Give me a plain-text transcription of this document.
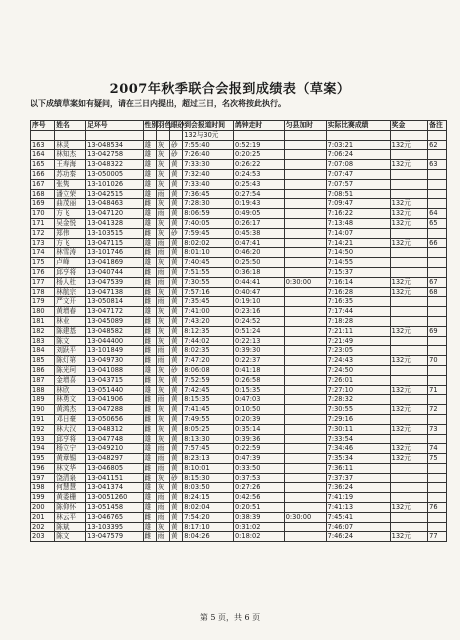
2007年秋季联合会报到成绩表（草案）
以下成绩草案如有疑问，请在三日内提出，超过三日，名次将按此执行。
序号	姓名	足环号	性别	羽色	眼砂	到会报道时间	鸽钟走时	匀县加时	实际比赛成绩	奖金	备注
						132与30元					
163	林灵	13-048534	雄	灰	砂	7:55:40	0:52:19		7:03:21	132元	62
164	林知杰	13-042758	雄	灰	砂	7:26:40	0:20:25		7:06:24		
165	王寿海	13-048322	雄	灰	黄	7:33:30	0:26:22		7:07:08	132元	63
166	苏功秦	13-050005	雄	灰	黄	7:32:40	0:24:53		7:07:47		
167	张隽	13-101026	雄	灰	黄	7:33:40	0:25:43		7:07:57		
168	潘立荣	13-042515	雄	雨	黄	7:36:45	0:27:54		7:08:51		
169	曲茂丽	13-048463	雌	灰	黄	7:28:30	0:19:43		7:09:47	132元	
170	方飞	13-047120	雄	雨	黄	8:06:59	0:49:05		7:16:22	132元	64
171	吴金悦	13-041328	雄	灰	黄	7:40:05	0:26:17		7:13:48	132元	65
172	郑伟	13-103515	雌	灰	砂	7:59:45	0:45:38		7:14:07		
173	方飞	13-047115	雄	雨	黄	8:02:02	0:47:41		7:14:21	132元	66
174	林雪涛	13-101746	雌	雨	黄	8:01:10	0:46:20		7:14:50		
175	卢峰	13-041869	雄	灰	黄	7:40:45	0:25:50		7:14:55		
176	邱亨将	13-040744	雌	雨	黄	7:51:55	0:36:18		7:15:37		
177	杨人杜	13-047539	雌	雨	黄	7:30:55	0:44:41	0:30:00	7:16:14	132元	67
178	林航宗	13-047138	雌	灰	黄	7:57:16	0:40:47		7:16:28	132元	68
179	严文开	13-050814	雌	雨	黄	7:35:45	0:19:10		7:16:35		
180	黄增春	13-047172	雄	灰	黄	7:41:00	0:23:16		7:17:44		
181	林业	13-045089	雌	灰	黄	7:43:20	0:24:52		7:18:28		
182	陈建基	13-048582	雌	灰	黄	8:12:35	0:51:24		7:21:11	132元	69
183	陈文	13-044400	雌	灰	黄	7:44:02	0:22:13		7:21:49		
184	刘跃平	13-101849	雌	雨	黄	8:02:35	0:39:30		7:23:05		
185	陈灯第	13-049730	雌	雨	黄	7:47:20	0:22:37		7:24:43	132元	70
186	陈光珂	13-041088	雄	灰	砂	8:06:08	0:41:18		7:24:50		
187	金增喜	13-043715	雌	灰	黄	7:52:59	0:26:58		7:26:01		
188	林欣	13-051440	雄	灰	黄	7:42:45	0:15:35		7:27:10	132元	71
189	林勇文	13-041906	雌	雨	黄	8:15:35	0:47:03		7:28:32		
190	黄鸿杰	13-047288	雌	灰	黄	7:41:45	0:10:50		7:30:55	132元	72
191	邓日豪	13-050656	雌	灰	黄	7:49:55	0:20:39		7:29:16		
192	林大汉	13-048312	雌	灰	黄	8:05:25	0:35:14		7:30:11	132元	73
193	邱亨将	13-047748	雄	灰	黄	8:13:30	0:39:36		7:33:54		
194	杨立宁	13-049210	雄	雨	黄	7:57:45	0:22:59		7:34:46	132元	74
195	黄章锡	13-048297	雄	雨	黄	8:23:13	0:47:39		7:35:34	132元	75
196	林文华	13-046805	雌	雨	黄	8:10:01	0:33:50		7:36:11		
197	饶清泉	13-041151	雌	灰	砂	8:15:30	0:37:53		7:37:37		
198	何慧慧	13-041374	雄	灰	黄	8:03:50	0:27:26		7:36:24		
199	黄委栅	13-0051260	雄	雨	黄	8:24:15	0:42:56		7:41:19		
200	陈仰怀	13-051458	雄	雨	黄	8:02:04	0:20:51		7:41:13	132元	76
201	林云平	13-046765	雌	雨	黄	7:54:20	0:38:39	0:30:00	7:45:41		
202	陈斌	13-103395	雄	灰	黄	8:17:10	0:31:02		7:46:07		
203	陈文	13-047579	雌	雨	黄	8:04:26	0:18:02		7:46:24	132元	77
第 5 页，共 6 页
